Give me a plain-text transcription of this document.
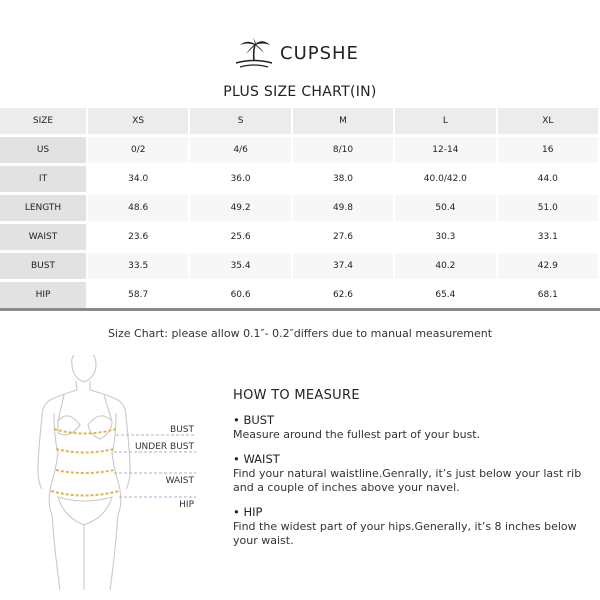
CUPSHE
PLUS SIZE CHART(IN)
SIZE	XS	S	M	L	XL
US	0/2	4/6	8/10	12-14	16
IT	34.0	36.0	38.0	40.0/42.0	44.0
LENGTH	48.6	49.2	49.8	50.4	51.0
WAIST	23.6	25.6	27.6	30.3	33.1
BUST	33.5	35.4	37.4	40.2	42.9
HIP	58.7	60.6	62.6	65.4	68.1
Size Chart: please allow 0.1″- 0.2″differs due to manual measurement
BUST
UNDER BUST
WAIST
HIP
HOW TO MEASURE
• BUST
Measure around the fullest part of your bust.
• WAIST
Find your natural waistline.Genrally, it’s just below your last rib and a couple of inches above your navel.
• HIP
Find the widest part of your hips.Generally, it’s 8 inches below your waist.
